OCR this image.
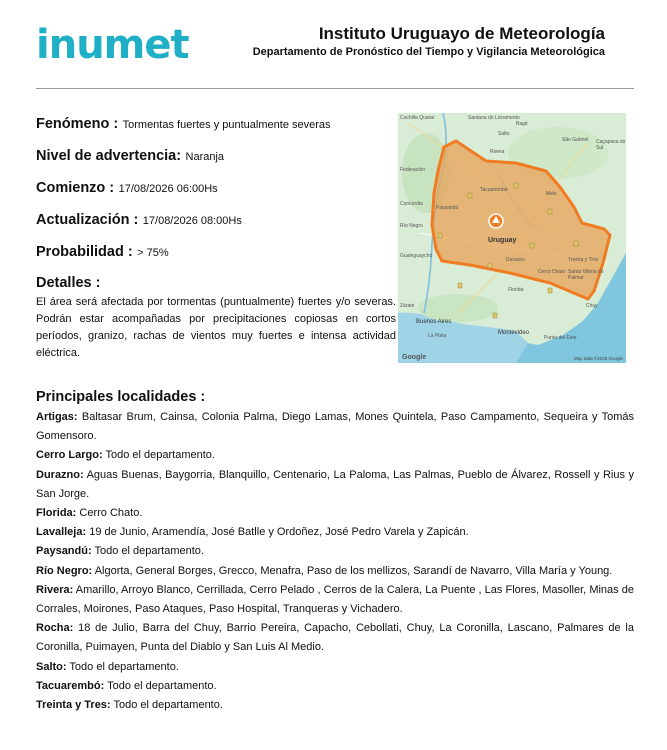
inumet	Instituto Uruguayo de Meteorología
Departamento de Pronóstico del Tiempo y Vigilancia Meteorológica
Fenómeno : Tormentas fuertes y puntualmente severas
Nivel de advertencia: Naranja
Comienzo : 17/08/2026 06:00Hs
Actualización : 17/08/2026 08:00Hs
Probabilidad : > 75%
Detalles :
El área será afectada por tormentas (puntualmente) fuertes y/o severas. Podrán estar acompañadas por precipitaciones copiosas en cortos períodos, granizo, rachas de vientos muy fuertes e intensa actividad eléctrica.
Cuchilla Quaraí	Santana do Livramento
Bagé
Rivera
Melo
Tacuarembó
São Gabriel Caçapava do Sul
Federación
Paysandú
Concordia
Río Negro
Gualeguaychú
Durazno
Florida
Treinta y Tres
Cerro Chato Santa Vitória do Palmar
Zárate
Buenos Aires
Montevideo
La Plata	Punta del Este
Salto
Chuy
Uruguay
Google	Map data ©2026 Google
Principales localidades :
Artigas: Baltasar Brum, Cainsa, Colonia Palma, Diego Lamas, Mones Quintela, Paso Campamento, Sequeira y Tomás Gomensoro.
Cerro Largo: Todo el departamento.
Durazno: Aguas Buenas, Baygorria, Blanquillo, Centenario, La Paloma, Las Palmas, Pueblo de Álvarez, Rossell y Rius y San Jorge.
Florida: Cerro Chato.
Lavalleja: 19 de Junio, Aramendía, José Batlle y Ordoñez, José Pedro Varela y Zapicán.
Paysandú: Todo el departamento.
Río Negro: Algorta, General Borges, Grecco, Menafra, Paso de los mellizos, Sarandí de Navarro, Villa María y Young.
Rivera: Amarillo, Arroyo Blanco, Cerrillada, Cerro Pelado , Cerros de la Calera, La Puente , Las Flores, Masoller, Minas de Corrales, Moirones, Paso Ataques, Paso Hospital, Tranqueras y Vichadero.
Rocha: 18 de Julio, Barra del Chuy, Barrio Pereira, Capacho, Cebollati, Chuy, La Coronilla, Lascano, Palmares de la Coronilla, Puimayen, Punta del Diablo y San Luis Al Medio.
Salto: Todo el departamento.
Tacuarembó: Todo el departamento.
Treinta y Tres: Todo el departamento.
